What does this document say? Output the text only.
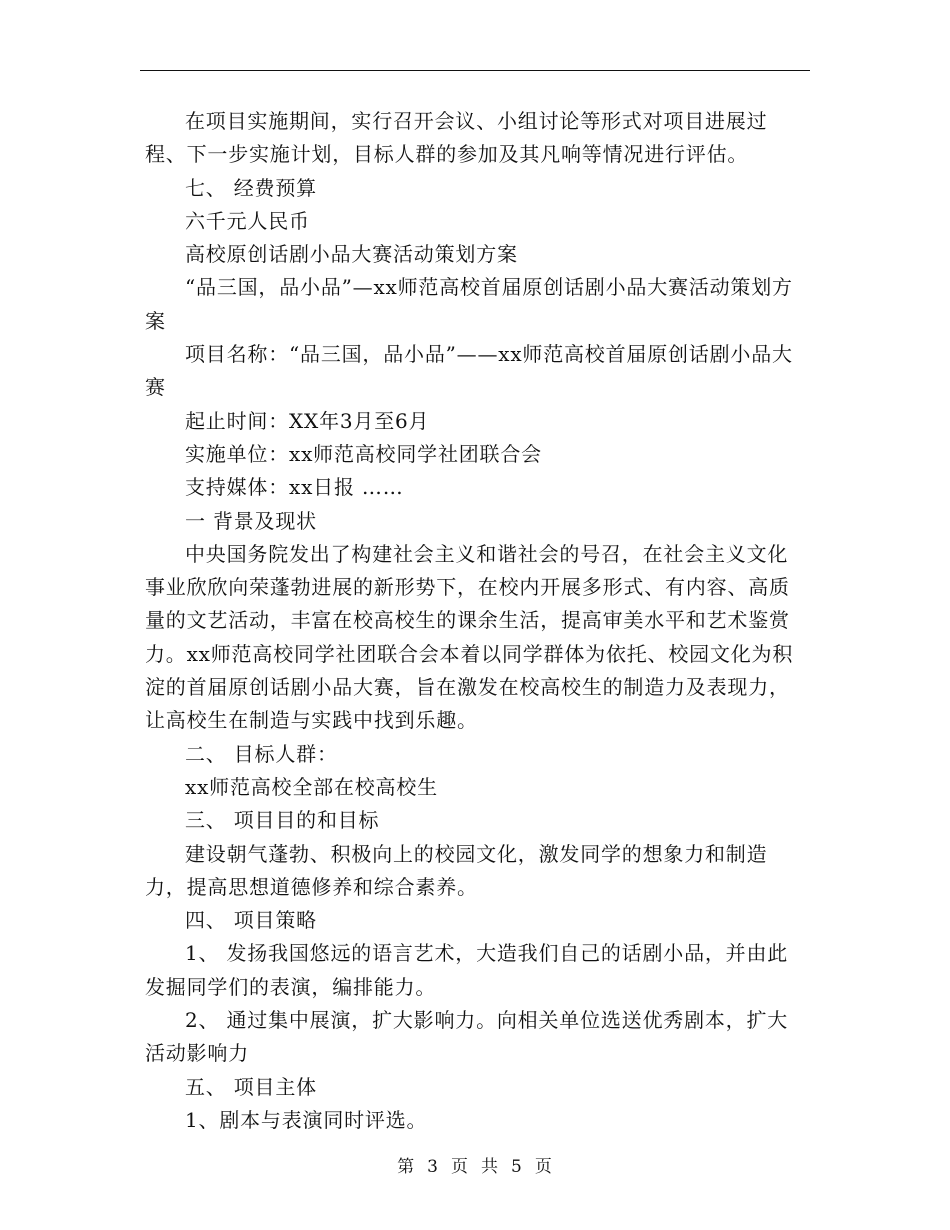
在项目实施期间，实行召开会议、小组讨论等形式对项目进展过程、下一步实施计划，目标人群的参加及其凡响等情况进行评估。

七、 经费预算

六千元人民币

高校原创话剧小品大赛活动策划方案

“品三国，品小品”—xx师范高校首届原创话剧小品大赛活动策划方案

项目名称：“品三国，品小品”——xx师范高校首届原创话剧小品大赛

起止时间：XX年3月至6月

实施单位：xx师范高校同学社团联合会

支持媒体：xx日报 ……

一 背景及现状

中央国务院发出了构建社会主义和谐社会的号召，在社会主义文化事业欣欣向荣蓬勃进展的新形势下，在校内开展多形式、有内容、高质量的文艺活动，丰富在校高校生的课余生活，提高审美水平和艺术鉴赏力。xx师范高校同学社团联合会本着以同学群体为依托、校园文化为积淀的首届原创话剧小品大赛，旨在激发在校高校生的制造力及表现力，让高校生在制造与实践中找到乐趣。

二、 目标人群：

xx师范高校全部在校高校生

三、 项目目的和目标

建设朝气蓬勃、积极向上的校园文化，激发同学的想象力和制造力，提高思想道德修养和综合素养。

四、 项目策略

1、 发扬我国悠远的语言艺术，大造我们自己的话剧小品，并由此发掘同学们的表演，编排能力。

2、 通过集中展演，扩大影响力。向相关单位选送优秀剧本，扩大活动影响力

五、 项目主体

1、剧本与表演同时评选。

第 3 页 共 5 页
